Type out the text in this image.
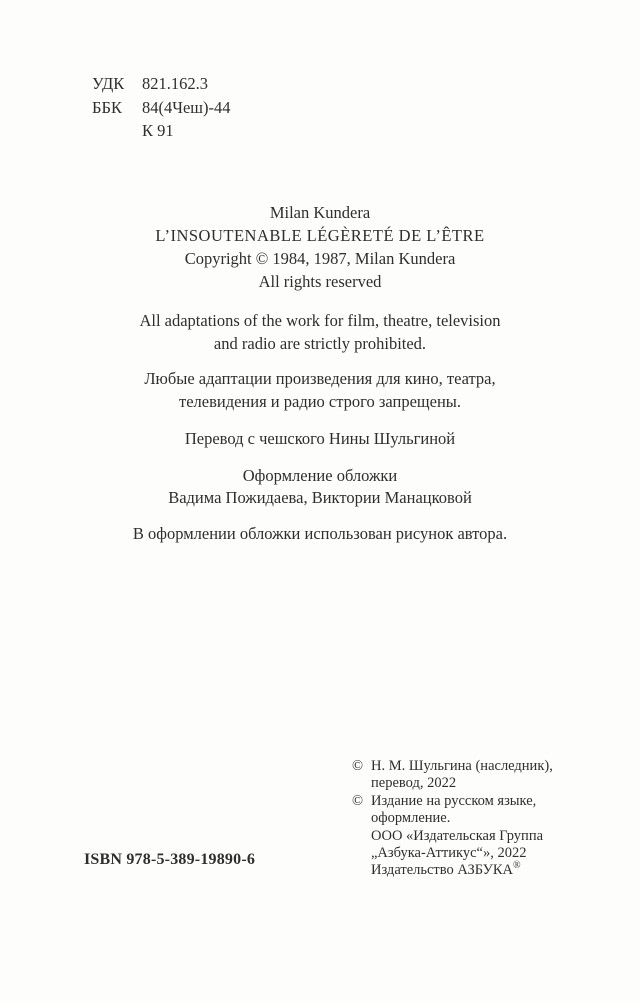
УДК 821.162.3
ББК 84(4Чеш)-44
К 91

Milan Kundera
L’INSOUTENABLE LÉGÈRETÉ DE L’ÊTRE
Copyright © 1984, 1987, Milan Kundera
All rights reserved

All adaptations of the work for film, theatre, television
and radio are strictly prohibited.

Любые адаптации произведения для кино, театра,
телевидения и радио строго запрещены.

Перевод с чешского Нины Шульгиной

Оформление обложки
Вадима Пожидаева, Виктории Манацковой

В оформлении обложки использован рисунок автора.

© Н. М. Шульгина (наследник),
перевод, 2022
© Издание на русском языке,
оформление.
ООО «Издательская Группа
„Азбука-Аттикус“», 2022
Издательство АЗБУКА®
ISBN 978-5-389-19890-6
